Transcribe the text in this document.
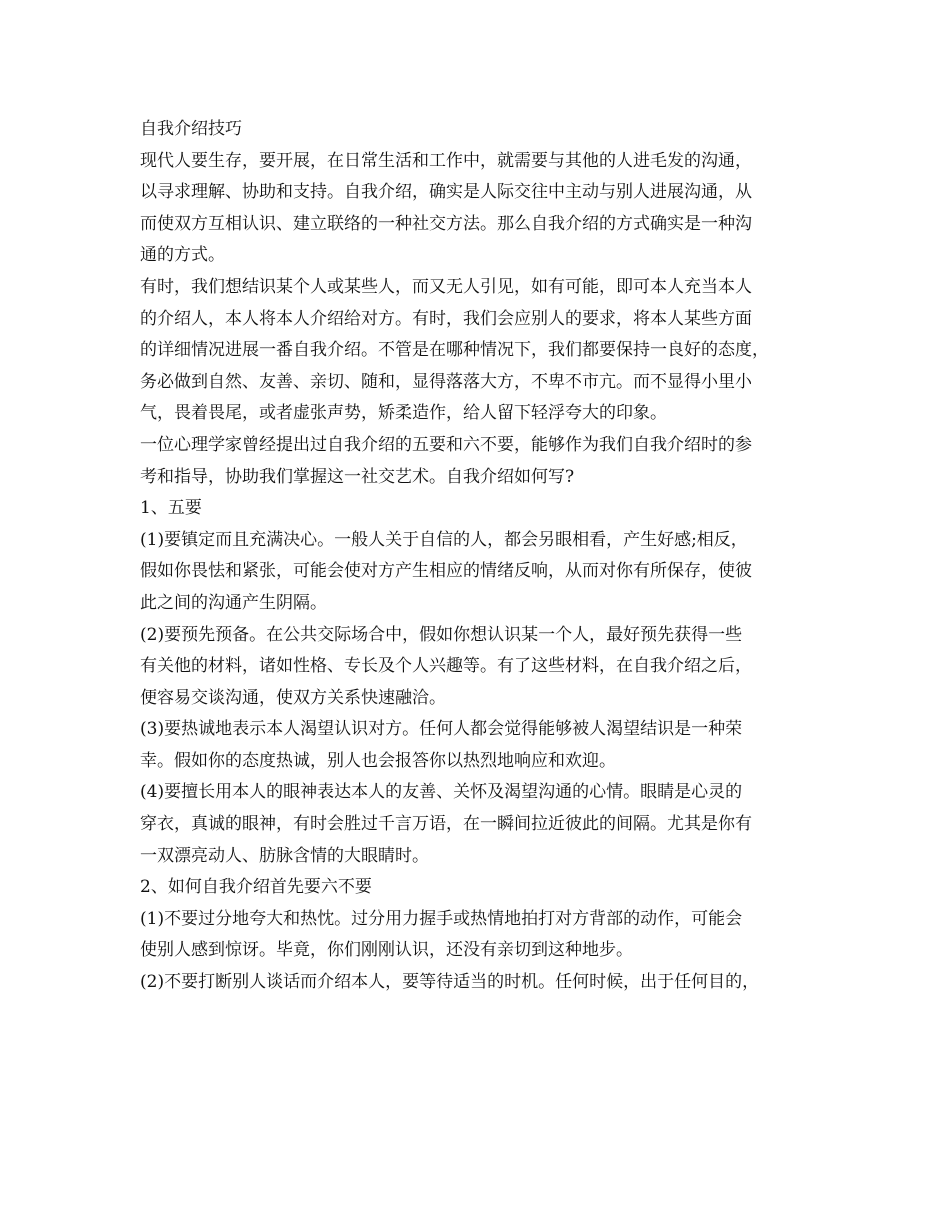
自我介绍技巧
现代人要生存，要开展，在日常生活和工作中，就需要与其他的人进毛发的沟通，
以寻求理解、协助和支持。自我介绍，确实是人际交往中主动与别人进展沟通，从
而使双方互相认识、建立联络的一种社交方法。那么自我介绍的方式确实是一种沟
通的方式。
有时，我们想结识某个人或某些人，而又无人引见，如有可能，即可本人充当本人
的介绍人，本人将本人介绍给对方。有时，我们会应别人的要求，将本人某些方面
的详细情况进展一番自我介绍。不管是在哪种情况下，我们都要保持一良好的态度，
务必做到自然、友善、亲切、随和，显得落落大方，不卑不市亢。而不显得小里小
气，畏着畏尾，或者虚张声势，矫柔造作，给人留下轻浮夸大的印象。
一位心理学家曾经提出过自我介绍的五要和六不要，能够作为我们自我介绍时的参
考和指导，协助我们掌握这一社交艺术。自我介绍如何写?
1、五要
(1)要镇定而且充满决心。一般人关于自信的人，都会另眼相看，产生好感;相反，
假如你畏怯和紧张，可能会使对方产生相应的情绪反响，从而对你有所保存，使彼
此之间的沟通产生阴隔。
(2)要预先预备。在公共交际场合中，假如你想认识某一个人，最好预先获得一些
有关他的材料，诸如性格、专长及个人兴趣等。有了这些材料，在自我介绍之后，
便容易交谈沟通，使双方关系快速融洽。
(3)要热诚地表示本人渴望认识对方。任何人都会觉得能够被人渴望结识是一种荣
幸。假如你的态度热诚，别人也会报答你以热烈地响应和欢迎。
(4)要擅长用本人的眼神表达本人的友善、关怀及渴望沟通的心情。眼睛是心灵的
穿衣，真诚的眼神，有时会胜过千言万语，在一瞬间拉近彼此的间隔。尤其是你有
一双漂亮动人、肪脉含情的大眼睛时。
2、如何自我介绍首先要六不要
(1)不要过分地夸大和热忱。过分用力握手或热情地拍打对方背部的动作，可能会
使别人感到惊讶。毕竟，你们刚刚认识，还没有亲切到这种地步。
(2)不要打断别人谈话而介绍本人，要等待适当的时机。任何时候，出于任何目的，
